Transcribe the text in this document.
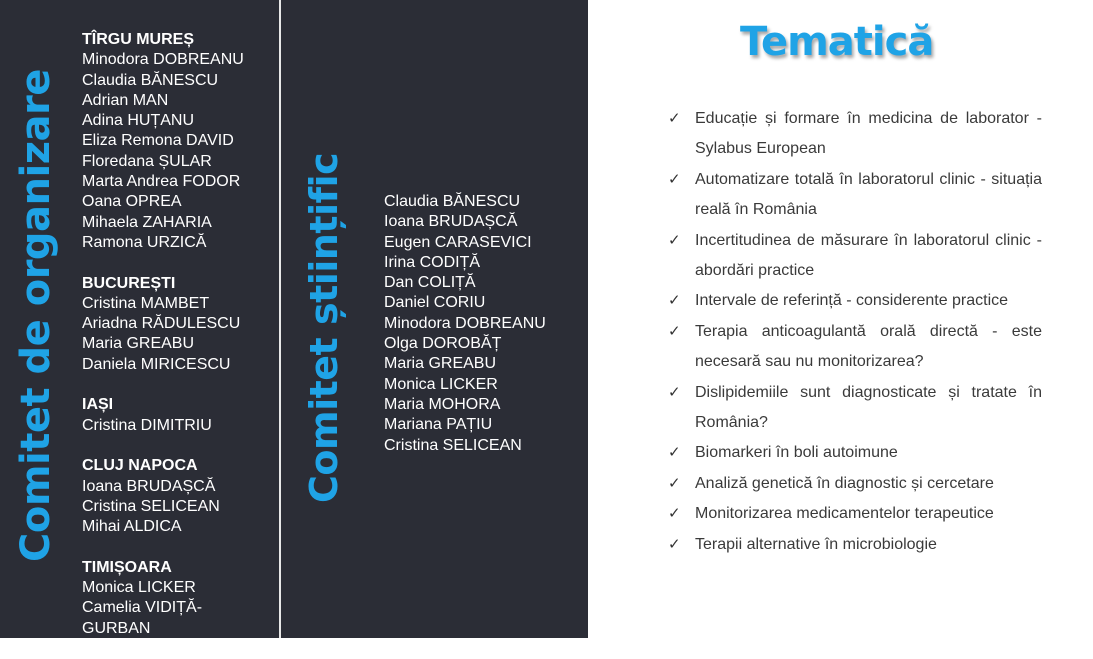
Comitet de organizare
TÎRGU MUREȘ
Minodora DOBREANU
Claudia BĂNESCU
Adrian MAN
Adina HUȚANU
Eliza Remona DAVID
Floredana ȘULAR
Marta Andrea FODOR
Oana OPREA
Mihaela ZAHARIA
Ramona URZICĂ
BUCUREȘTI
Cristina MAMBET
Ariadna RĂDULESCU
Maria GREABU
Daniela MIRICESCU
IAȘI
Cristina DIMITRIU
CLUJ NAPOCA
Ioana BRUDAȘCĂ
Cristina SELICEAN
Mihai ALDICA
TIMIȘOARA
Monica LICKER
Camelia VIDIȚĂ-
GURBAN
Comitet științific Claudia BĂNESCU
Ioana BRUDAȘCĂ
Eugen CARASEVICI
Irina CODIȚĂ
Dan COLIȚĂ
Daniel CORIU
Minodora DOBREANU
Olga DOROBĂȚ
Maria GREABU
Monica LICKER
Maria MOHORA
Mariana PAȚIU
Cristina SELICEAN
Tematică
✓ Educație și formare în medicina de laborator - Sylabus European
✓ Automatizare totală în laboratorul clinic - situația reală în România
✓ Incertitudinea de măsurare în laboratorul clinic - abordări practice
✓ Intervale de referință - considerente practice
✓ Terapia anticoagulantă orală directă - este necesară sau nu monitorizarea?
✓ Dislipidemiile sunt diagnosticate și tratate în România?
✓ Biomarkeri în boli autoimune
✓ Analiză genetică în diagnostic și cercetare
✓ Monitorizarea medicamentelor terapeutice
✓ Terapii alternative în microbiologie
